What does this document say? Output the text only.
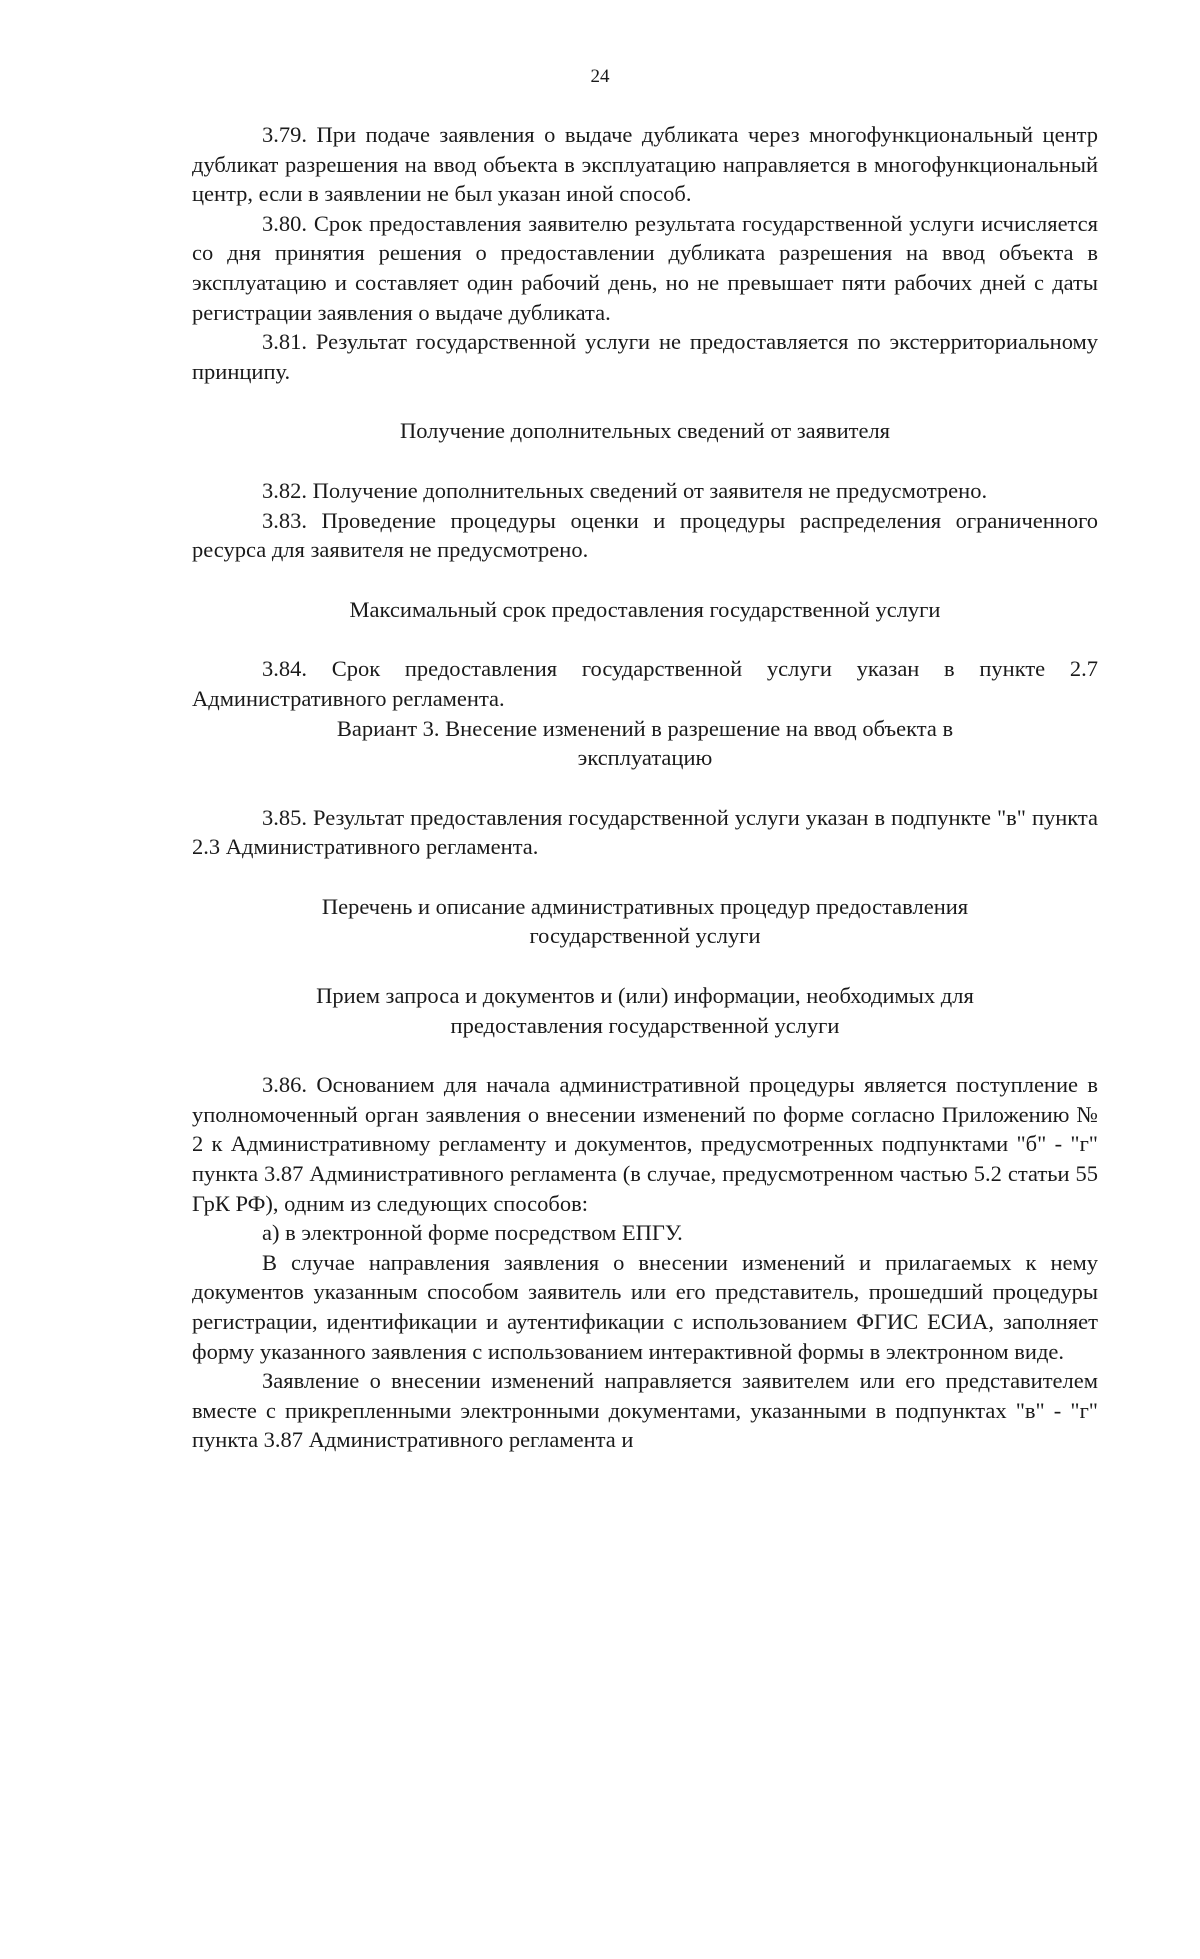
24

3.79. При подаче заявления о выдаче дубликата через многофункциональный центр дубликат разрешения на ввод объекта в эксплуатацию направляется в многофункциональный центр, если в заявлении не был указан иной способ.

3.80. Срок предоставления заявителю результата государственной услуги исчисляется со дня принятия решения о предоставлении дубликата разрешения на ввод объекта в эксплуатацию и составляет один рабочий день, но не превышает пяти рабочих дней с даты регистрации заявления о выдаче дубликата.

3.81. Результат государственной услуги не предоставляется по экстерриториальному принципу.

Получение дополнительных сведений от заявителя

3.82. Получение дополнительных сведений от заявителя не предусмотрено.

3.83. Проведение процедуры оценки и процедуры распределения ограниченного ресурса для заявителя не предусмотрено.

Максимальный срок предоставления государственной услуги

3.84. Срок предоставления государственной услуги указан в пункте 2.7 Административного регламента.

Вариант 3. Внесение изменений в разрешение на ввод объекта в эксплуатацию

3.85. Результат предоставления государственной услуги указан в подпункте "в" пункта 2.3 Административного регламента.

Перечень и описание административных процедур предоставления государственной услуги

Прием запроса и документов и (или) информации, необходимых для предоставления государственной услуги

3.86. Основанием для начала административной процедуры является поступление в уполномоченный орган заявления о внесении изменений по форме согласно Приложению № 2 к Административному регламенту и документов, предусмотренных подпунктами "б" - "г" пункта 3.87 Административного регламента (в случае, предусмотренном частью 5.2 статьи 55 ГрК РФ), одним из следующих способов:

а) в электронной форме посредством ЕПГУ.

В случае направления заявления о внесении изменений и прилагаемых к нему документов указанным способом заявитель или его представитель, прошедший процедуры регистрации, идентификации и аутентификации с использованием ФГИС ЕСИА, заполняет форму указанного заявления с использованием интерактивной формы в электронном виде.

Заявление о внесении изменений направляется заявителем или его представителем вместе с прикрепленными электронными документами, указанными в подпунктах "в" - "г" пункта 3.87 Административного регламента и
